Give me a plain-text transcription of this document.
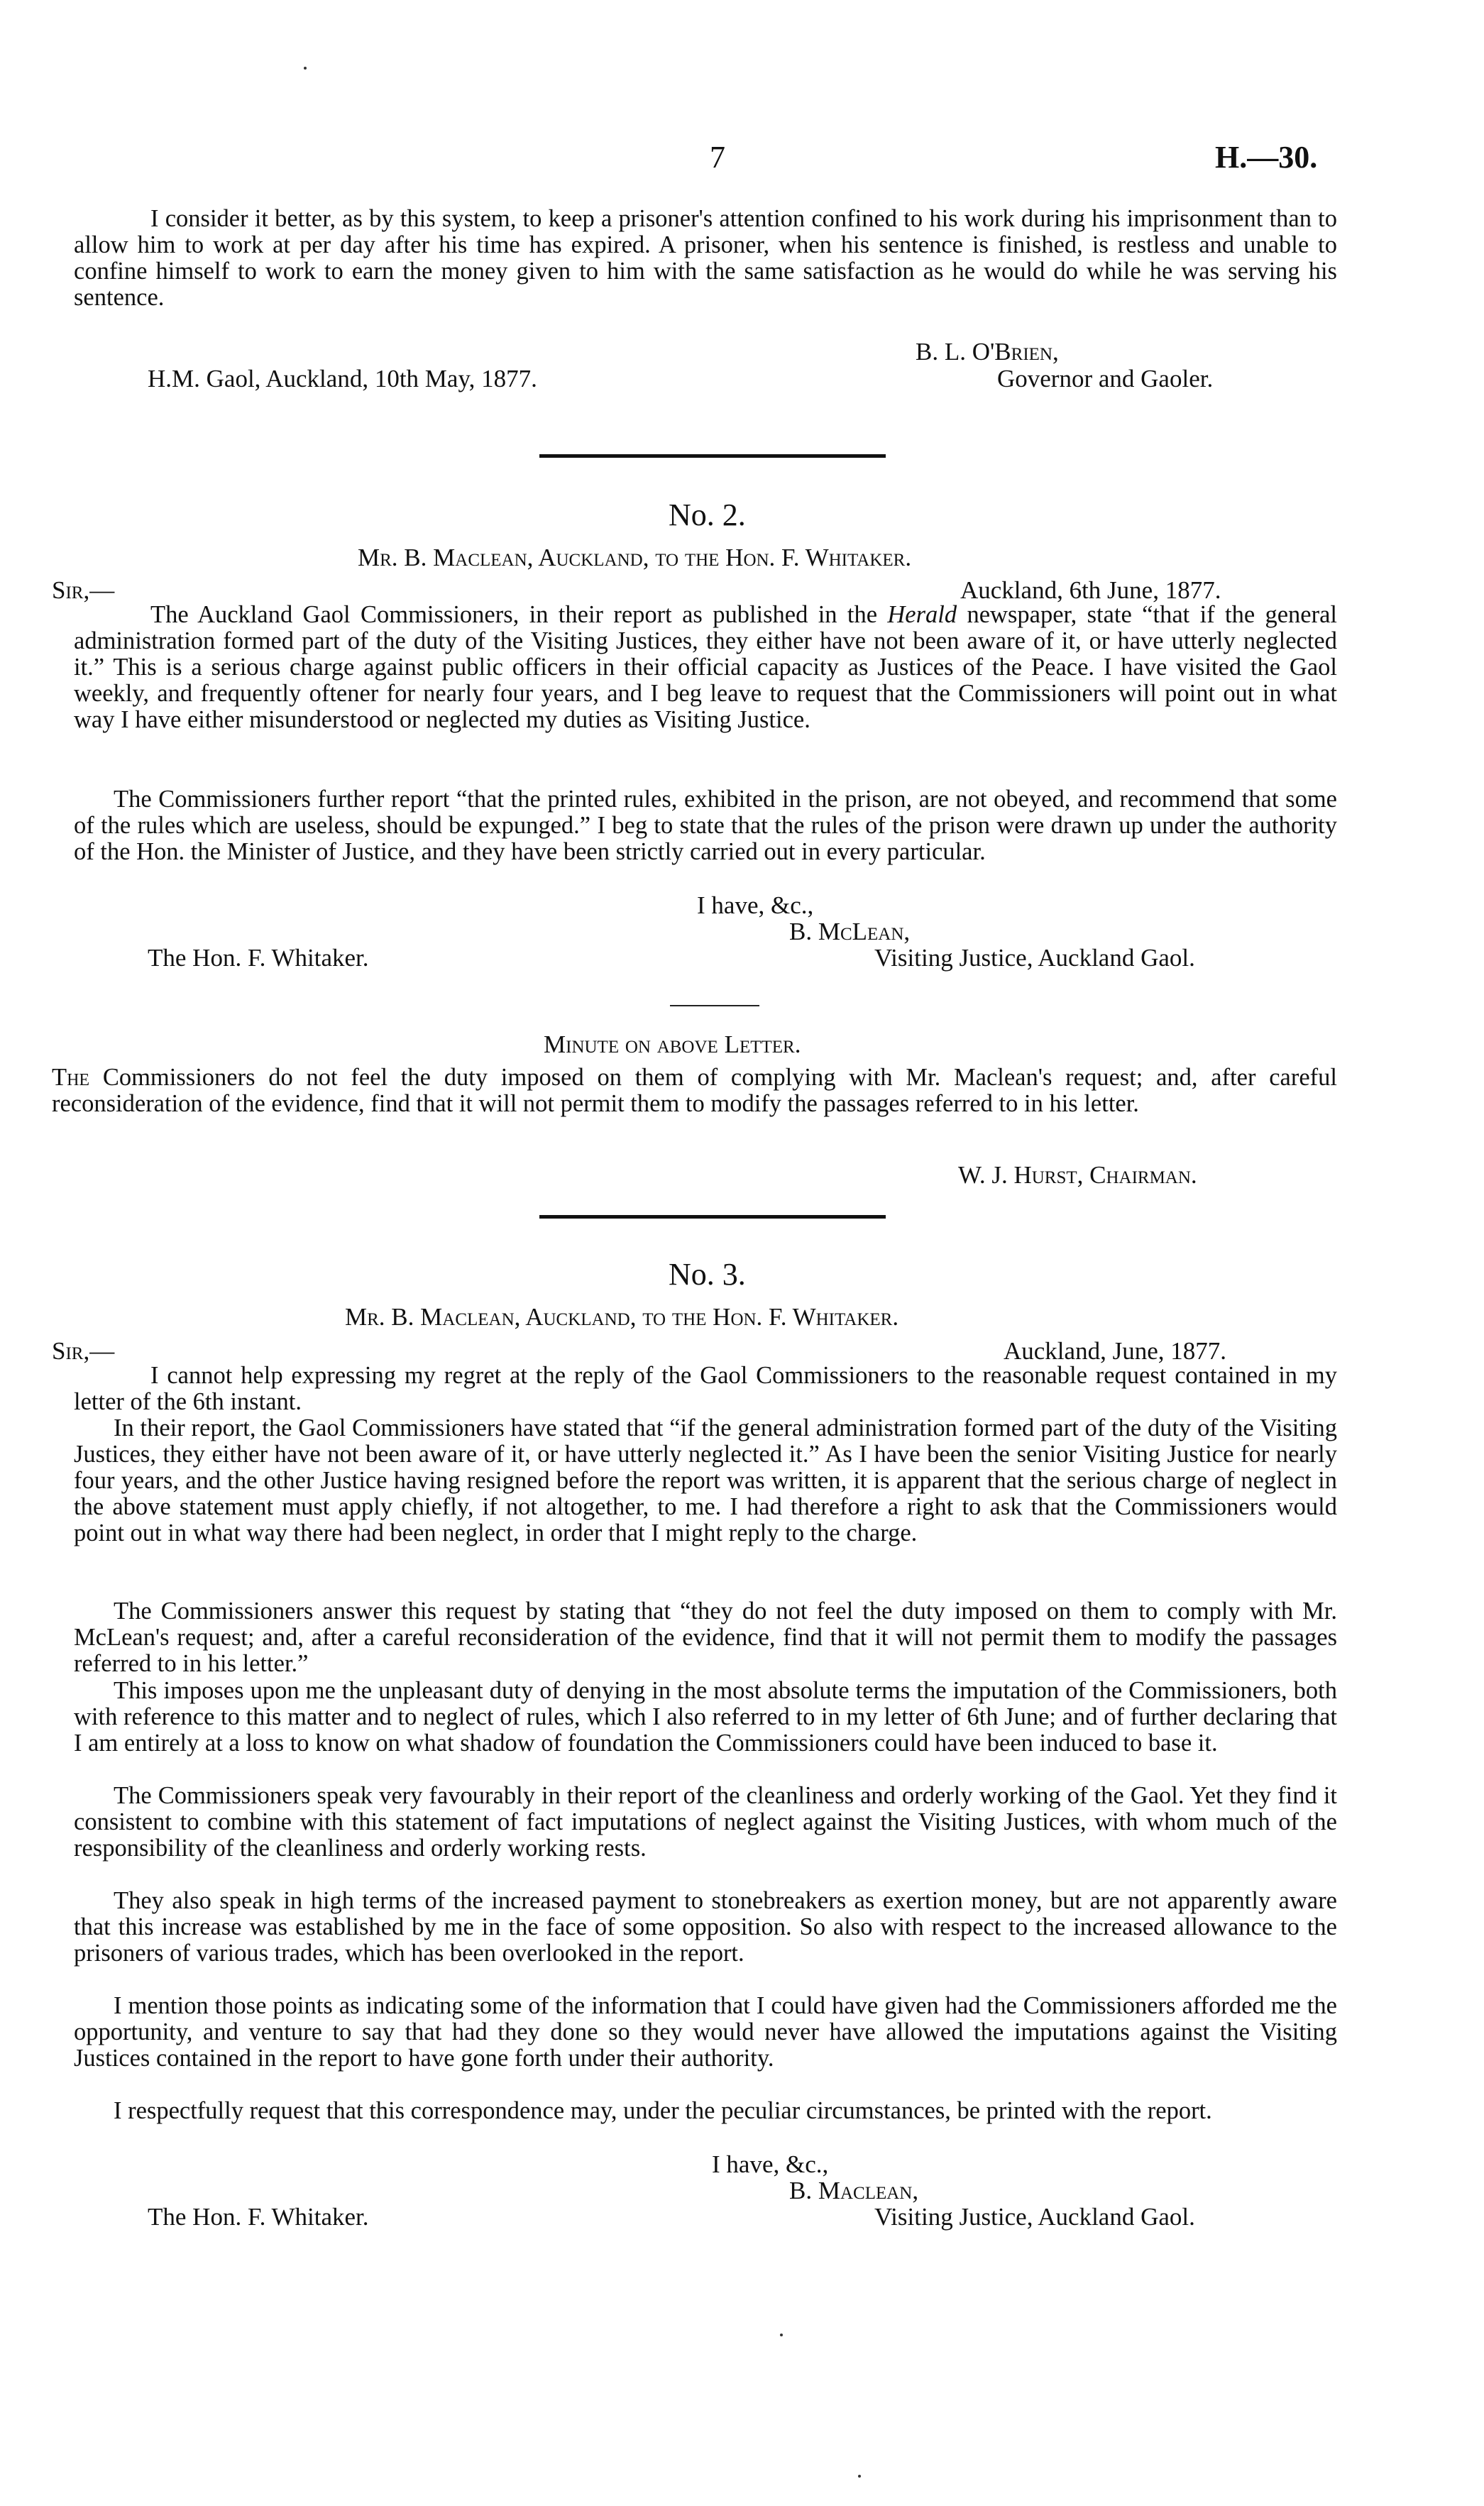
7	H.—30.

I consider it better, as by this system, to keep a prisoner's attention confined to his work during his imprisonment than to allow him to work at per day after his time has expired. A prisoner, when his sentence is finished, is restless and unable to confine himself to work to earn the money given to him with the same satisfaction as he would do while he was serving his sentence.

B. L. O'Brien,
H.M. Gaol, Auckland, 10th May, 1877.	Governor and Gaoler.
No. 2.
Mr. B. Maclean, Auckland, to the Hon. F. Whitaker.
Sir,—	Auckland, 6th June, 1877.

The Auckland Gaol Commissioners, in their report as published in the Herald newspaper, state “that if the general administration formed part of the duty of the Visiting Justices, they either have not been aware of it, or have utterly neglected it.” This is a serious charge against public officers in their official capacity as Justices of the Peace. I have visited the Gaol weekly, and frequently oftener for nearly four years, and I beg leave to request that the Commissioners will point out in what way I have either misunderstood or neglected my duties as Visiting Justice.

The Commissioners further report “that the printed rules, exhibited in the prison, are not obeyed, and recommend that some of the rules which are useless, should be expunged.” I beg to state that the rules of the prison were drawn up under the authority of the Hon. the Minister of Justice, and they have been strictly carried out in every particular.

I have, &c.,
B. McLean,
The Hon. F. Whitaker.	Visiting Justice, Auckland Gaol.
Minute on above Letter.

The Commissioners do not feel the duty imposed on them of complying with Mr. Maclean's request; and, after careful reconsideration of the evidence, find that it will not permit them to modify the passages referred to in his letter.

W. J. Hurst, Chairman.
No. 3.
Mr. B. Maclean, Auckland, to the Hon. F. Whitaker.
Sir,—	Auckland, June, 1877.

I cannot help expressing my regret at the reply of the Gaol Commissioners to the reasonable request contained in my letter of the 6th instant.

In their report, the Gaol Commissioners have stated that “if the general administration formed part of the duty of the Visiting Justices, they either have not been aware of it, or have utterly neglected it.” As I have been the senior Visiting Justice for nearly four years, and the other Justice having resigned before the report was written, it is apparent that the serious charge of neglect in the above statement must apply chiefly, if not altogether, to me. I had therefore a right to ask that the Commissioners would point out in what way there had been neglect, in order that I might reply to the charge.

The Commissioners answer this request by stating that “they do not feel the duty imposed on them to comply with Mr. McLean's request; and, after a careful reconsideration of the evidence, find that it will not permit them to modify the passages referred to in his letter.”

This imposes upon me the unpleasant duty of denying in the most absolute terms the imputation of the Commissioners, both with reference to this matter and to neglect of rules, which I also referred to in my letter of 6th June; and of further declaring that I am entirely at a loss to know on what shadow of foundation the Commissioners could have been induced to base it.

The Commissioners speak very favourably in their report of the cleanliness and orderly working of the Gaol. Yet they find it consistent to combine with this statement of fact imputations of neglect against the Visiting Justices, with whom much of the responsibility of the cleanliness and orderly working rests.

They also speak in high terms of the increased payment to stonebreakers as exertion money, but are not apparently aware that this increase was established by me in the face of some opposition. So also with respect to the increased allowance to the prisoners of various trades, which has been overlooked in the report.

I mention those points as indicating some of the information that I could have given had the Commissioners afforded me the opportunity, and venture to say that had they done so they would never have allowed the imputations against the Visiting Justices contained in the report to have gone forth under their authority.

I respectfully request that this correspondence may, under the peculiar circumstances, be printed with the report.

I have, &c.,
B. Maclean,
The Hon. F. Whitaker.	Visiting Justice, Auckland Gaol.
